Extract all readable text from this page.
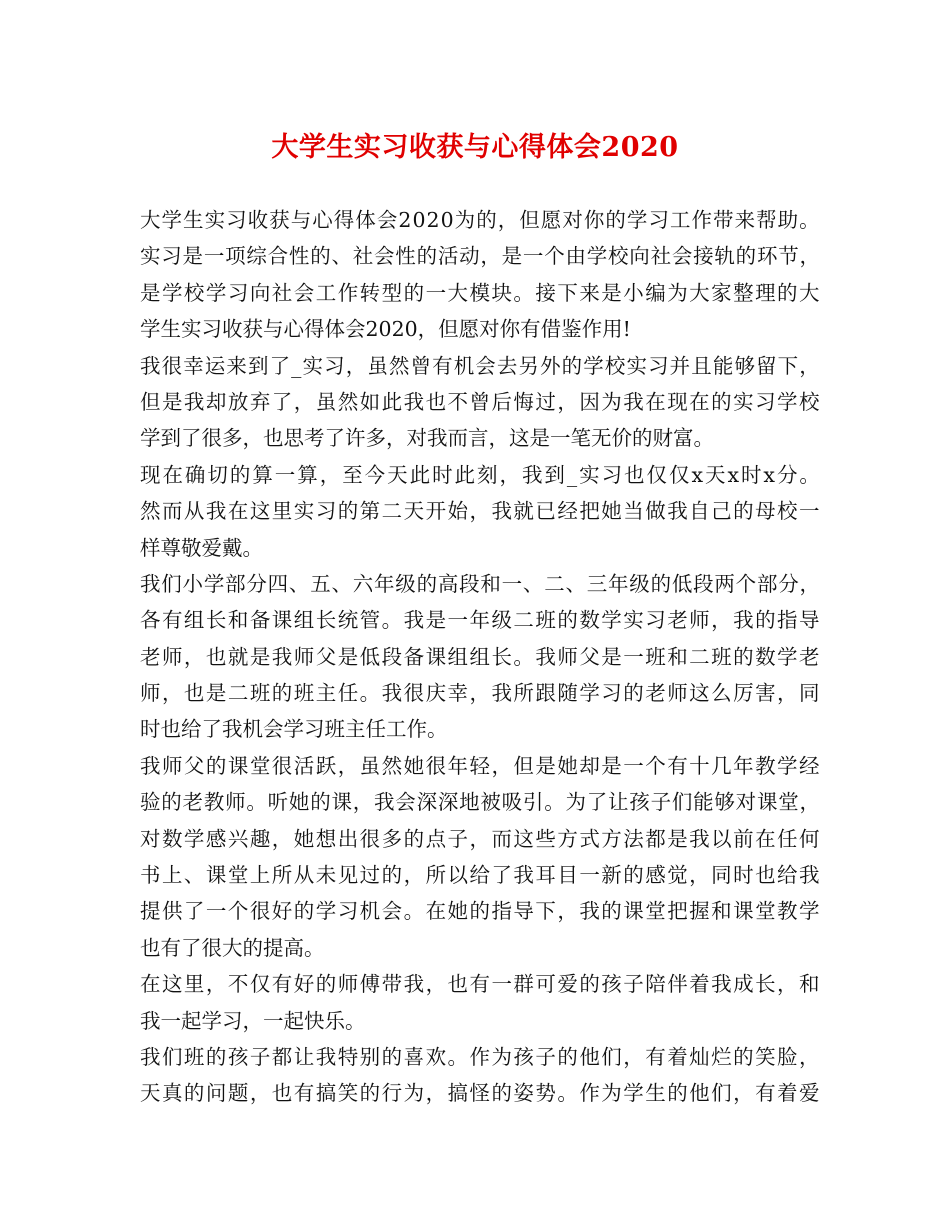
大学生实习收获与心得体会2020
大学生实习收获与心得体会2020为的，但愿对你的学习工作带来帮助。
实习是一项综合性的、社会性的活动，是一个由学校向社会接轨的环节，
是学校学习向社会工作转型的一大模块。接下来是小编为大家整理的大
学生实习收获与心得体会2020，但愿对你有借鉴作用!
我很幸运来到了_实习，虽然曾有机会去另外的学校实习并且能够留下，
但是我却放弃了，虽然如此我也不曾后悔过，因为我在现在的实习学校
学到了很多，也思考了许多，对我而言，这是一笔无价的财富。
现在确切的算一算，至今天此时此刻，我到_实习也仅仅x天x时x分。
然而从我在这里实习的第二天开始，我就已经把她当做我自己的母校一
样尊敬爱戴。
我们小学部分四、五、六年级的高段和一、二、三年级的低段两个部分，
各有组长和备课组长统管。我是一年级二班的数学实习老师，我的指导
老师，也就是我师父是低段备课组组长。我师父是一班和二班的数学老
师，也是二班的班主任。我很庆幸，我所跟随学习的老师这么厉害，同
时也给了我机会学习班主任工作。
我师父的课堂很活跃，虽然她很年轻，但是她却是一个有十几年教学经
验的老教师。听她的课，我会深深地被吸引。为了让孩子们能够对课堂，
对数学感兴趣，她想出很多的点子，而这些方式方法都是我以前在任何
书上、课堂上所从未见过的，所以给了我耳目一新的感觉，同时也给我
提供了一个很好的学习机会。在她的指导下，我的课堂把握和课堂教学
也有了很大的提高。
在这里，不仅有好的师傅带我，也有一群可爱的孩子陪伴着我成长，和
我一起学习，一起快乐。
我们班的孩子都让我特别的喜欢。作为孩子的他们，有着灿烂的笑脸，
天真的问题，也有搞笑的行为，搞怪的姿势。作为学生的他们，有着爱
